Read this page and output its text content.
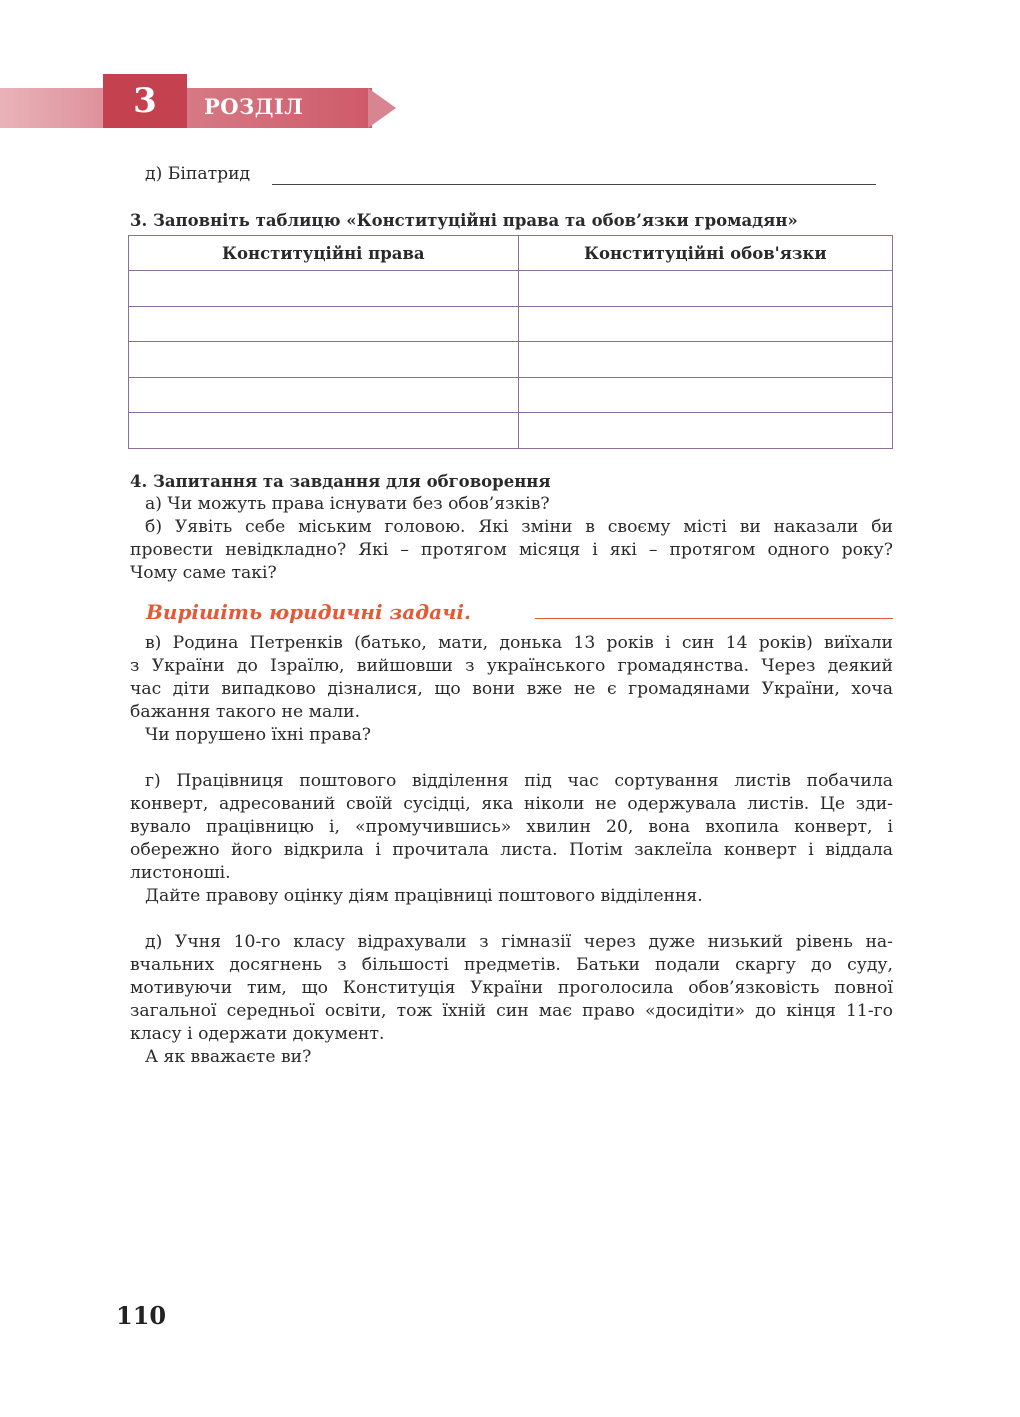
3	РОЗДІЛ
д) Біпатрид
3. Заповніть таблицю «Конституційні права та обов’язки громадян»
Конституційні права	Конституційні обов'язки

4. Запитання та завдання для обговорення
а) Чи можуть права існувати без обов’язків?
б) Уявіть себе міським головою. Які зміни в своєму місті ви наказали би
провести невідкладно? Які – протягом місяця і які – протягом одного року?
Чому саме такі?
Вирішіть юридичні задачі.
в) Родина Петренків (батько, мати, донька 13 років і син 14 років) виїхали
з України до Ізраїлю, вийшовши з українського громадянства. Через деякий
час діти випадково дізналися, що вони вже не є громадянами України, хоча
бажання такого не мали.
Чи порушено їхні права?
г) Працівниця поштового відділення під час сортування листів побачила
конверт, адресований своїй сусідці, яка ніколи не одержувала листів. Це зди-
вувало працівницю і, «промучившись» хвилин 20, вона вхопила конверт, і
обережно його відкрила і прочитала листа. Потім заклеїла конверт і віддала
листоноші.
Дайте правову оцінку діям працівниці поштового відділення.
д) Учня 10-го класу відрахували з гімназії через дуже низький рівень на-
вчальних досягнень з більшості предметів. Батьки подали скаргу до суду,
мотивуючи тим, що Конституція України проголосила обов’язковість повної
загальної середньої освіти, тож їхній син має право «досидіти» до кінця 11-го
класу і одержати документ.
А як вважаєте ви?
110
